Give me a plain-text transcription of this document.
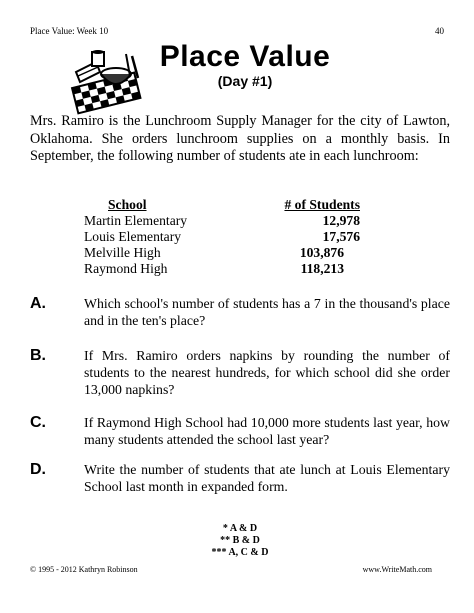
Place Value: Week 10	40
Place Value
(Day #1)
Mrs. Ramiro is the Lunchroom Supply Manager for the city of Lawton, Oklahoma. She orders lunchroom supplies on a monthly basis. In September, the following number of students ate in each lunchroom:
School	# of Students
Martin Elementary	12,978
Louis Elementary	17,576
Melville High	103,876
Raymond High	118,213
A.	Which school's number of students has a 7 in the thousand's place and in the ten's place?
B.	If Mrs. Ramiro orders napkins by rounding the number of students to the nearest hundreds, for which school did she order 13,000 napkins?
C.	If Raymond High School had 10,000 more students last year, how many students attended the school last year?
D.	Write the number of students that ate lunch at Louis Elementary School last month in expanded form.
* A & D
** B & D
*** A, C & D
© 1995 - 2012 Kathryn Robinson	www.WriteMath.com
